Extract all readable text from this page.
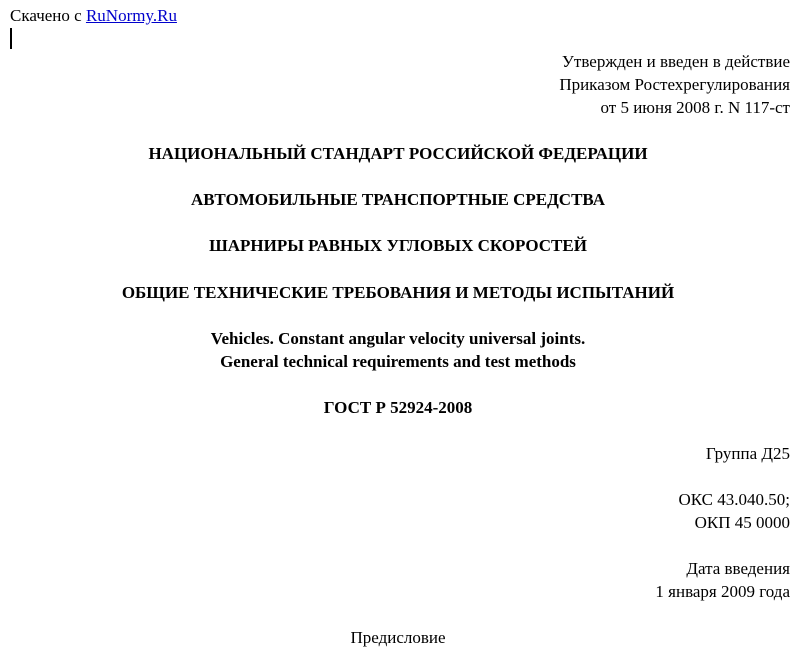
Скачено с RuNormy.Ru
Утвержден и введен в действие
Приказом Ростехрегулирования
от 5 июня 2008 г. N 117-ст
НАЦИОНАЛЬНЫЙ СТАНДАРТ РОССИЙСКОЙ ФЕДЕРАЦИИ
АВТОМОБИЛЬНЫЕ ТРАНСПОРТНЫЕ СРЕДСТВА
ШАРНИРЫ РАВНЫХ УГЛОВЫХ СКОРОСТЕЙ
ОБЩИЕ ТЕХНИЧЕСКИЕ ТРЕБОВАНИЯ И МЕТОДЫ ИСПЫТАНИЙ
Vehicles. Constant angular velocity universal joints.
General technical requirements and test methods
ГОСТ Р 52924-2008
Группа Д25
ОКС 43.040.50;
ОКП 45 0000
Дата введения
1 января 2009 года
Предисловие
